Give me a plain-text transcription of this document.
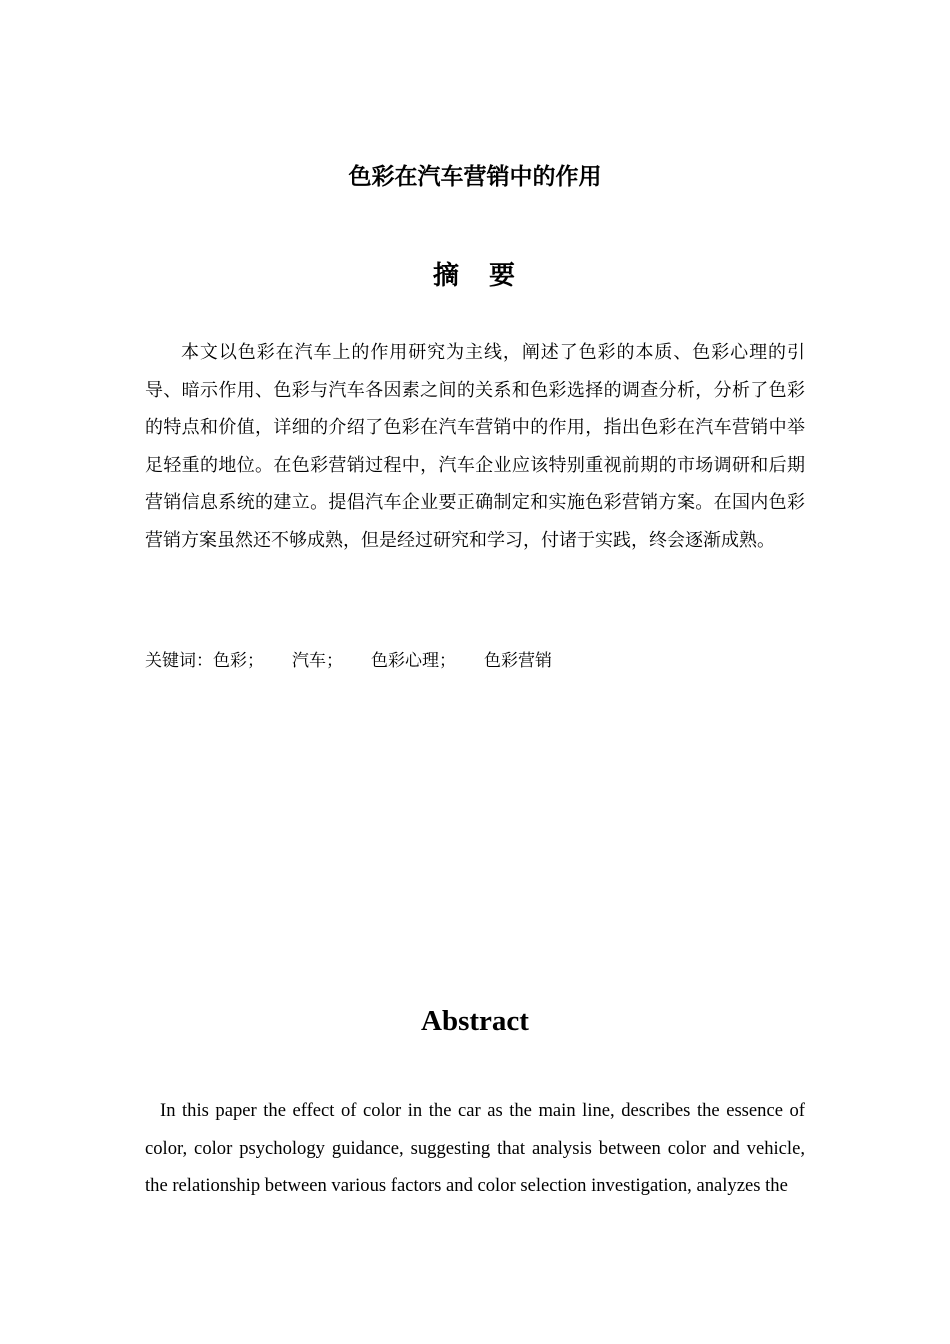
色彩在汽车营销中的作用
摘　要

本文以色彩在汽车上的作用研究为主线，阐述了色彩的本质、色彩心理的引导、暗示作用、色彩与汽车各因素之间的关系和色彩选择的调查分析，分析了色彩的特点和价值，详细的介绍了色彩在汽车营销中的作用，指出色彩在汽车营销中举足轻重的地位。在色彩营销过程中，汽车企业应该特别重视前期的市场调研和后期营销信息系统的建立。提倡汽车企业要正确制定和实施色彩营销方案。在国内色彩营销方案虽然还不够成熟，但是经过研究和学习，付诸于实践，终会逐渐成熟。

关键词：色彩； 汽车； 色彩心理； 色彩营销
Abstract

In this paper the effect of color in the car as the main line, describes the essence of color, color psychology guidance, suggesting that analysis between color and vehicle, the relationship between various factors and color selection investigation, analyzes the
